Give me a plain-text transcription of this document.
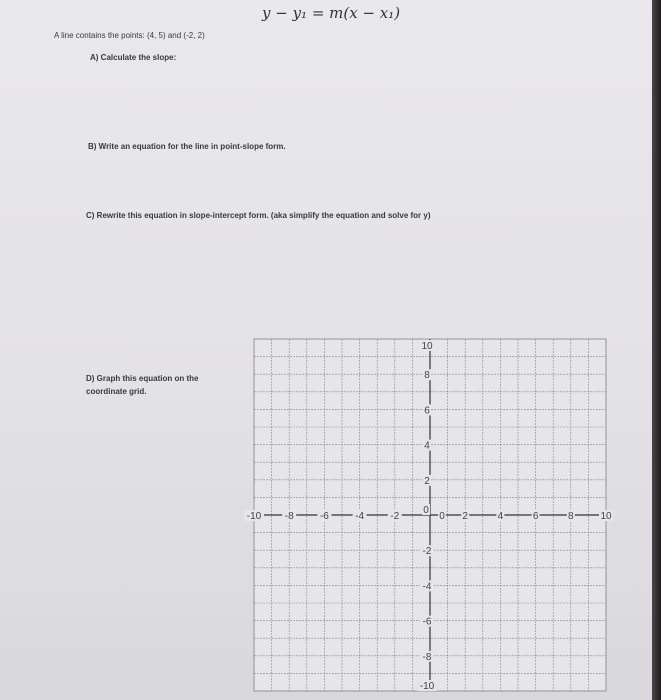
y − y₁ = m(x − x₁)
A line contains the points: (4, 5) and (-2, 2)
A) Calculate the slope:
B) Write an equation for the line in point-slope form.
C) Rewrite this equation in slope-intercept form. (aka simplify the equation and solve for y)
D) Graph this equation on the coordinate grid.
-10 -8	-6	-4	-2	2	4	6	8	10
10
8
6
4
2
0
0
-2
-4
-6
-8
-10
